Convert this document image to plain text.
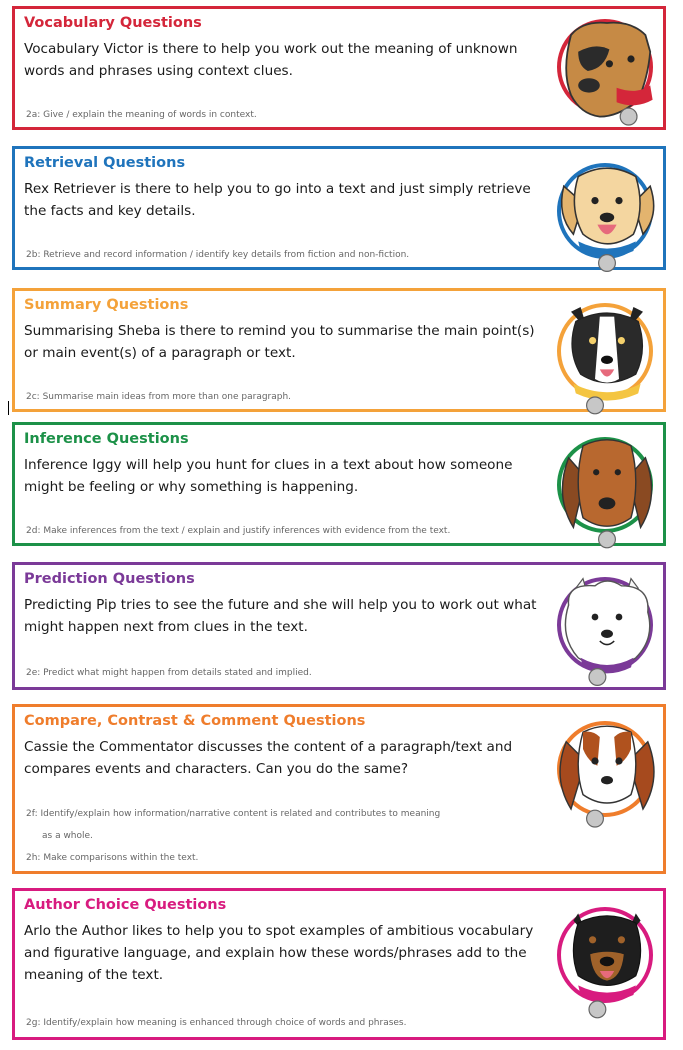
Vocabulary Questions
Vocabulary Victor is there to help you work out the meaning of unknown words and phrases using context clues.
2a: Give / explain the meaning of words in context.
Retrieval Questions
Rex Retriever is there to help you to go into a text and just simply retrieve the facts and key details.
2b: Retrieve and record information / identify key details from fiction and non-fiction.
Summary Questions
Summarising Sheba is there to remind you to summarise the main point(s) or main event(s) of a paragraph or text.
2c: Summarise main ideas from more than one paragraph.
Inference Questions
Inference Iggy will help you hunt for clues in a text about how someone might be feeling or why something is happening.
2d: Make inferences from the text / explain and justify inferences with evidence from the text.
Prediction Questions
Predicting Pip tries to see the future and she will help you to work out what might happen next from clues in the text.
2e: Predict what might happen from details stated and implied.
Compare, Contrast & Comment Questions
Cassie the Commentator discusses the content of a paragraph/text and compares events and characters. Can you do the same?
2f: Identify/explain how information/narrative content is related and contributes to meaning
as a whole.
2h: Make comparisons within the text.
Author Choice Questions
Arlo the Author likes to help you to spot examples of ambitious vocabulary and figurative language, and explain how these words/phrases add to the meaning of the text.
2g: Identify/explain how meaning is enhanced through choice of words and phrases.
